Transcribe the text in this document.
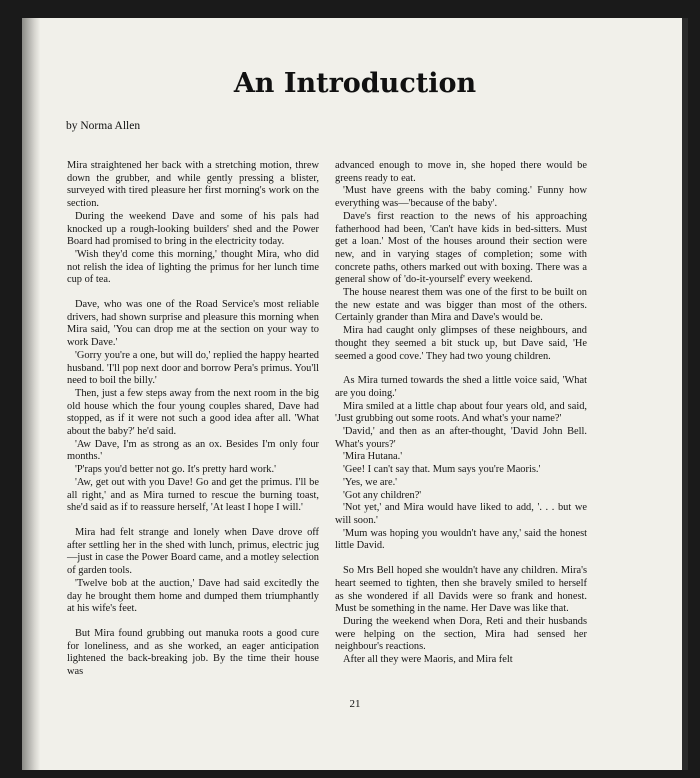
An Introduction
by Norma Allen

Mira straightened her back with a stretching motion, threw down the grubber, and while gently pressing a blister, surveyed with tired pleasure her first morning's work on the section.

During the weekend Dave and some of his pals had knocked up a rough-looking builders' shed and the Power Board had promised to bring in the electricity today.

'Wish they'd come this morning,' thought Mira, who did not relish the idea of lighting the primus for her lunch time cup of tea.

Dave, who was one of the Road Service's most reliable drivers, had shown surprise and pleasure this morning when Mira said, 'You can drop me at the section on your way to work Dave.'

'Gorry you're a one, but will do,' replied the happy hearted husband. 'I'll pop next door and borrow Pera's primus. You'll need to boil the billy.'

Then, just a few steps away from the next room in the big old house which the four young couples shared, Dave had stopped, as if it were not such a good idea after all. 'What about the baby?' he'd said.

'Aw Dave, I'm as strong as an ox. Besides I'm only four months.'

'P'raps you'd better not go. It's pretty hard work.'

'Aw, get out with you Dave! Go and get the primus. I'll be all right,' and as Mira turned to rescue the burning toast, she'd said as if to reassure herself, 'At least I hope I will.'

Mira had felt strange and lonely when Dave drove off after settling her in the shed with lunch, primus, electric jug—just in case the Power Board came, and a motley selection of garden tools.

'Twelve bob at the auction,' Dave had said excitedly the day he brought them home and dumped them triumphantly at his wife's feet.

But Mira found grubbing out manuka roots a good cure for loneliness, and as she worked, an eager anticipation lightened the back-breaking job. By the time their house was

advanced enough to move in, she hoped there would be greens ready to eat.

'Must have greens with the baby coming.' Funny how everything was—'because of the baby'.

Dave's first reaction to the news of his approaching fatherhood had been, 'Can't have kids in bed-sitters. Must get a loan.' Most of the houses around their section were new, and in varying stages of completion; some with concrete paths, others marked out with boxing. There was a general show of 'do-it-yourself' every weekend.

The house nearest them was one of the first to be built on the new estate and was bigger than most of the others. Certainly grander than Mira and Dave's would be.

Mira had caught only glimpses of these neighbours, and thought they seemed a bit stuck up, but Dave said, 'He seemed a good cove.' They had two young children.

As Mira turned towards the shed a little voice said, 'What are you doing.'

Mira smiled at a little chap about four years old, and said, 'Just grubbing out some roots. And what's your name?'

'David,' and then as an after-thought, 'David John Bell. What's yours?'

'Mira Hutana.'

'Gee! I can't say that. Mum says you're Maoris.'

'Yes, we are.'

'Got any children?'

'Not yet,' and Mira would have liked to add, '. . . but we will soon.'

'Mum was hoping you wouldn't have any,' said the honest little David.

So Mrs Bell hoped she wouldn't have any children. Mira's heart seemed to tighten, then she bravely smiled to herself as she wondered if all Davids were so frank and honest. Must be something in the name. Her Dave was like that.

During the weekend when Dora, Reti and their husbands were helping on the section, Mira had sensed her neighbour's reactions.

After all they were Maoris, and Mira felt

21
